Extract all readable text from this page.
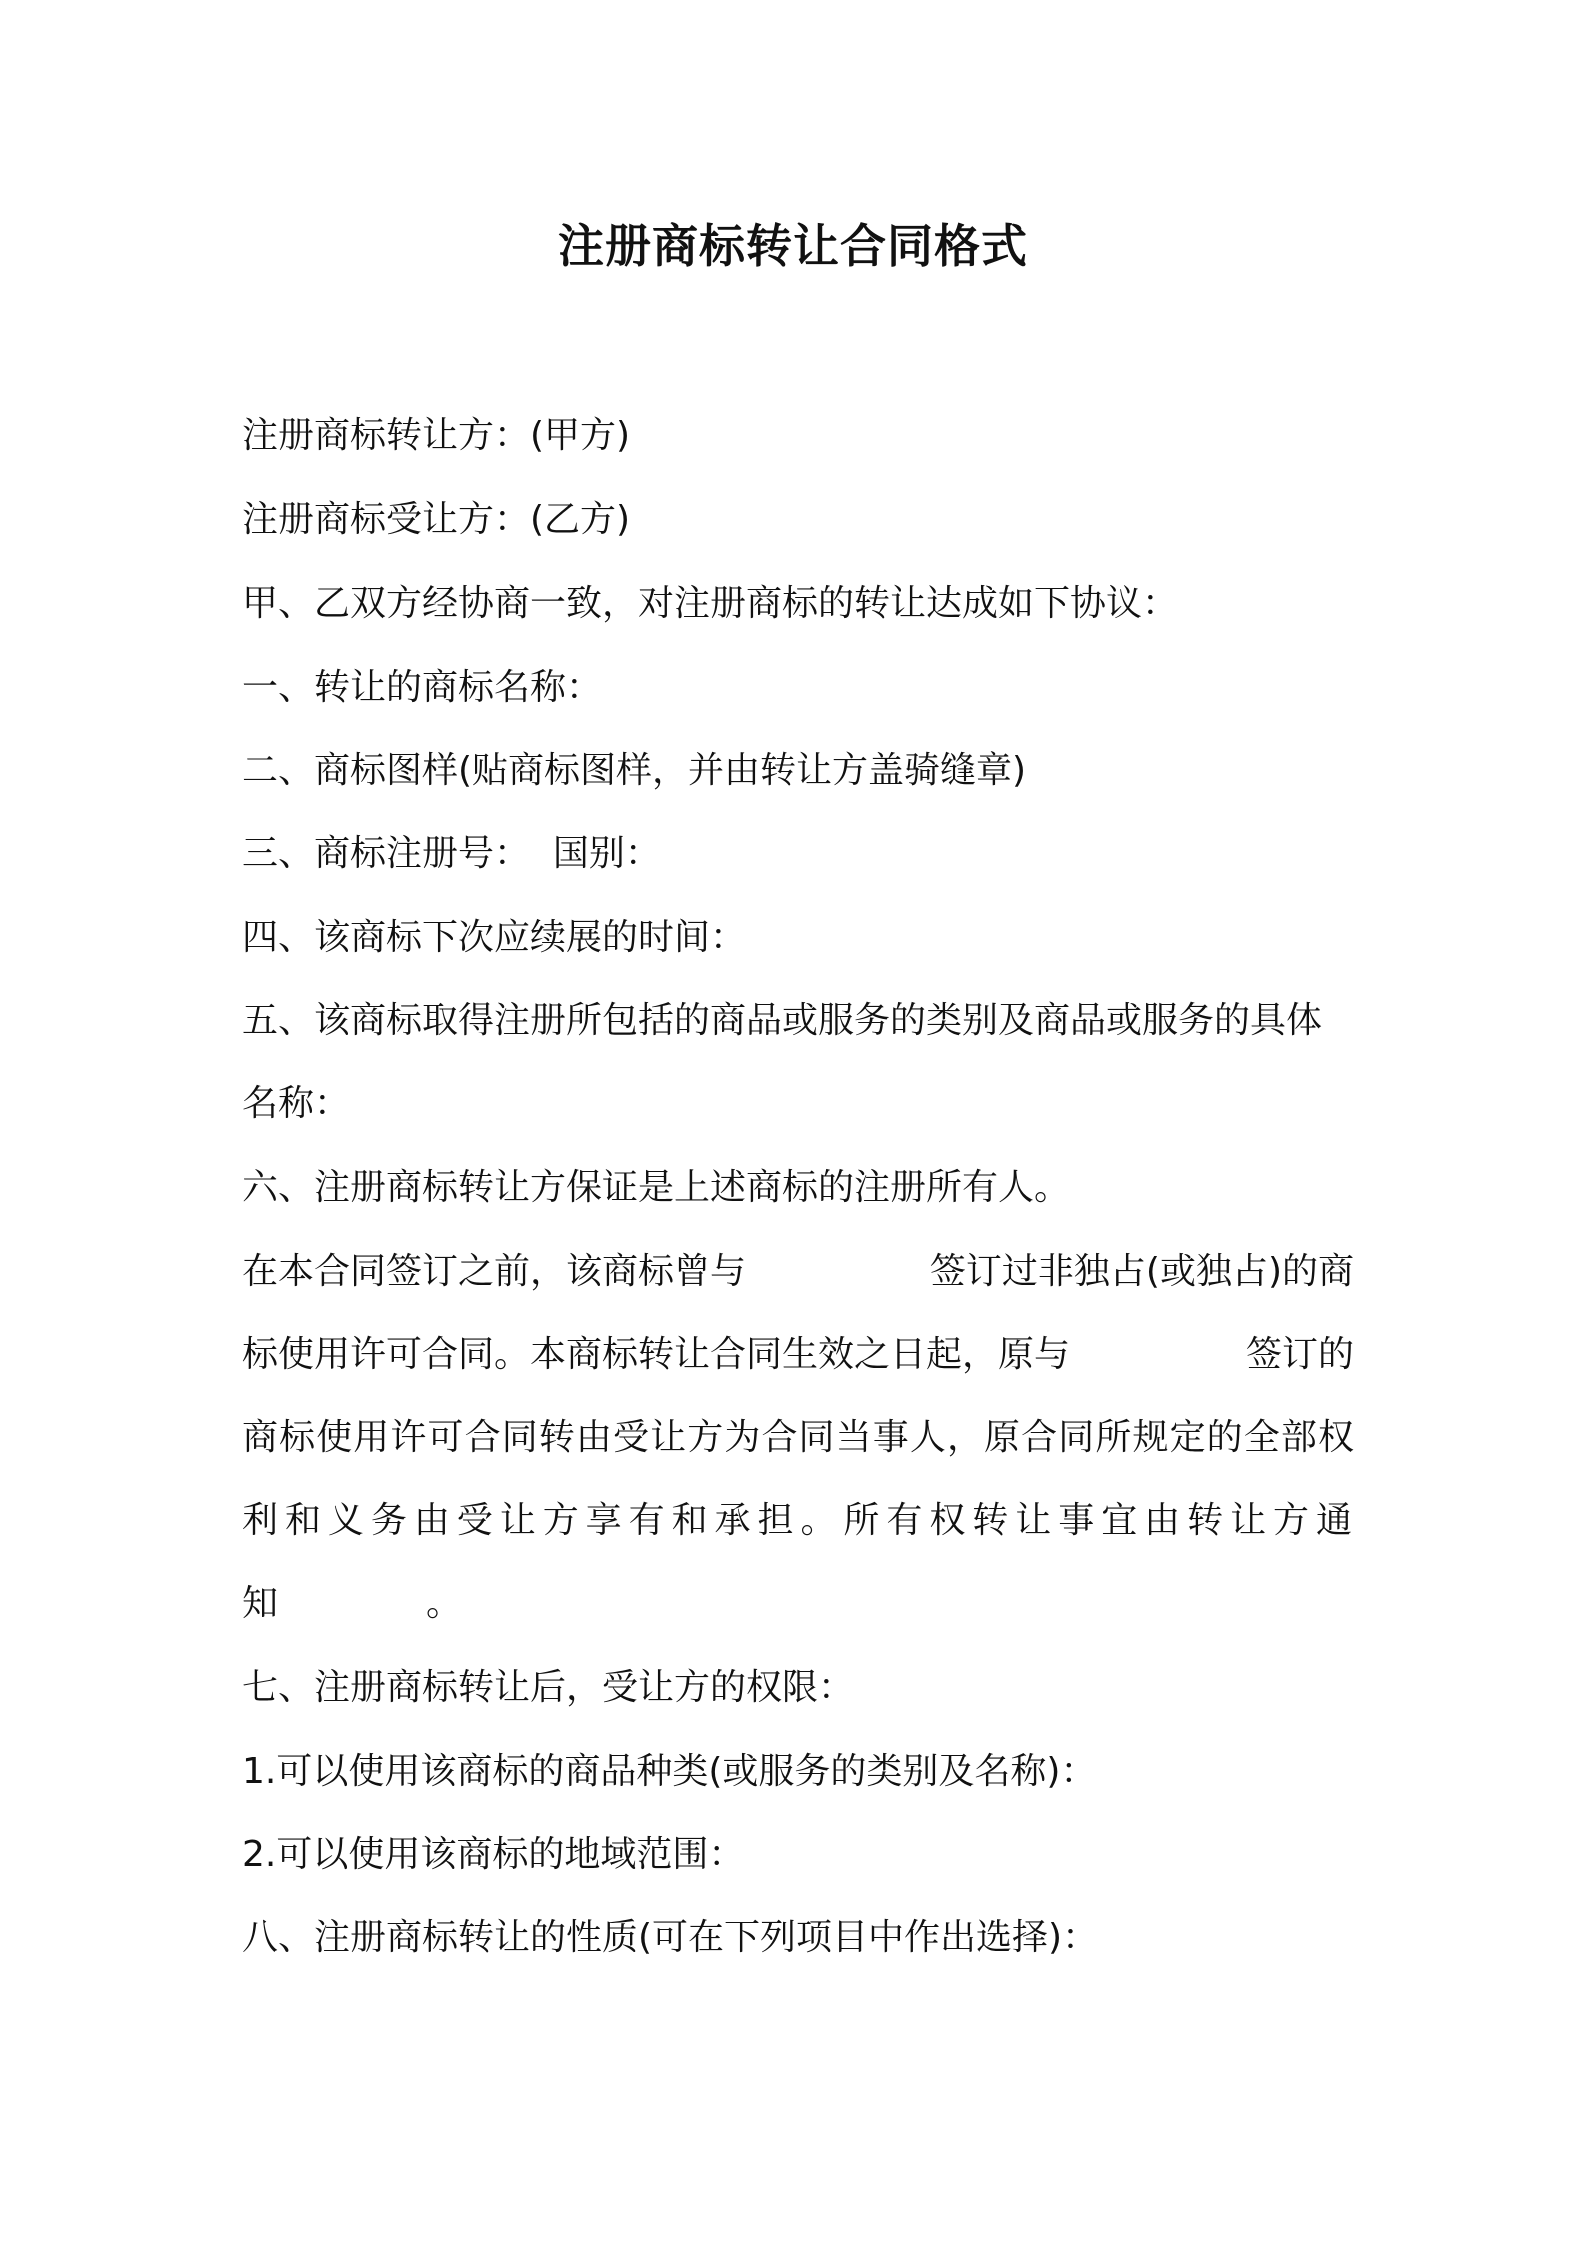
注册商标转让合同格式
注册商标转让方：(甲方)
注册商标受让方：(乙方)
甲、乙双方经协商一致，对注册商标的转让达成如下协议：
一、转让的商标名称：
二、商标图样(贴商标图样，并由转让方盖骑缝章)
三、商标注册号：  国别：
四、该商标下次应续展的时间：
五、该商标取得注册所包括的商品或服务的类别及商品或服务的具体
名称：
六、注册商标转让方保证是上述商标的注册所有人。
在本合同签订之前，该商标曾与	签订过非独占(或独占)的商
标使用许可合同。本商标转让合同生效之日起，原与	签订的
商标使用许可合同转由受让方为合同当事人，原合同所规定的全部权
利和义务由受让方享有和承担。所有权转让事宜由转让方通
知	。
七、注册商标转让后，受让方的权限：
1.可以使用该商标的商品种类(或服务的类别及名称)：
2.可以使用该商标的地域范围：
八、注册商标转让的性质(可在下列项目中作出选择)：
